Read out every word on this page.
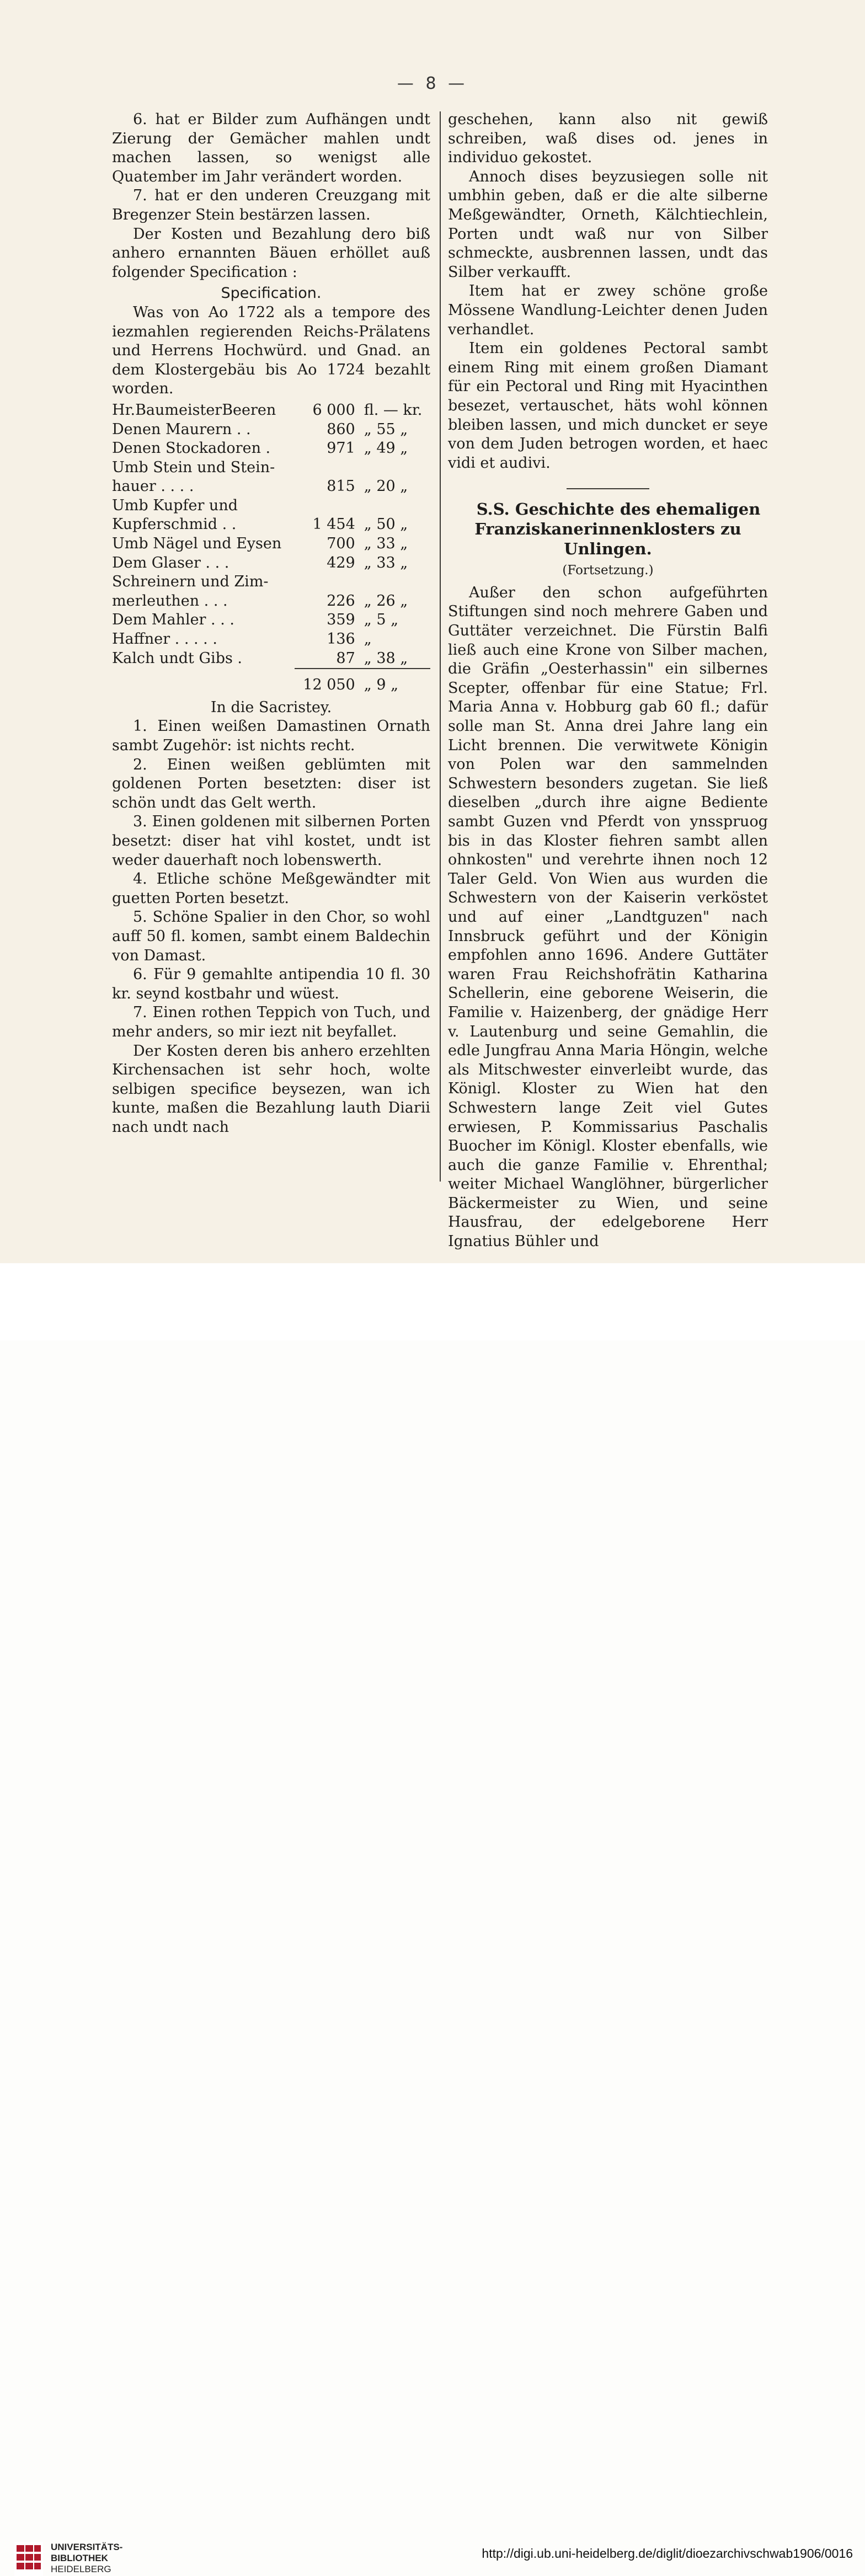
— 8 —

6. hat er Bilder zum Aufhängen undt Zierung der Gemächer mahlen undt machen lassen, so wenigst alle Quatember im Jahr verändert worden.

7. hat er den underen Creuzgang mit Bregenzer Stein bestärzen lassen.

Der Kosten und Bezahlung dero biß anhero ernannten Bäuen erhöllet auß folgender Specification :

Specification.

Was von Ao 1722 als a tempore des iezmahlen regierenden Reichs-Prälatens und Herrens Hochwürd. und Gnad. an dem Klostergebäu bis Ao 1724 bezahlt worden.

Hr.BaumeisterBeeren	6 000	fl. — kr.
Denen Maurern . .	860	„ 55 „
Denen Stockadoren .	971	„ 49 „
Umb Stein und Stein-		
hauer . . . .	815	„ 20 „
Umb Kupfer und		
Kupferschmid . .	1 454	„ 50 „
Umb Nägel und Eysen	700	„ 33 „
Dem Glaser . . .	429	„ 33 „
Schreinern und Zim-		
merleuthen . . .	226	„ 26 „
Dem Mahler . . .	359	„ 5 „
Haffner . . . . .	136	„
Kalch undt Gibs .	87	„ 38 „
	12 050	„ 9 „

In die Sacristey.

1. Einen weißen Damastinen Ornath sambt Zugehör: ist nichts recht.

2. Einen weißen geblümten mit goldenen Porten besetzten: diser ist schön undt das Gelt werth.

3. Einen goldenen mit silbernen Porten besetzt: diser hat vihl kostet, undt ist weder dauerhaft noch lobenswerth.

4. Etliche schöne Meßgewändter mit guetten Porten besetzt.

5. Schöne Spalier in den Chor, so wohl auff 50 fl. komen, sambt einem Baldechin von Damast.

6. Für 9 gemahlte antipendia 10 fl. 30 kr. seynd kostbahr und wüest.

7. Einen rothen Teppich von Tuch, und mehr anders, so mir iezt nit beyfallet.

Der Kosten deren bis anhero erzehlten Kirchensachen ist sehr hoch, wolte selbigen specifice beysezen, wan ich kunte, maßen die Bezahlung lauth Diarii nach undt nach

geschehen, kann also nit gewiß schreiben, waß dises od. jenes in individuo gekostet.

Annoch dises beyzusiegen solle nit umbhin geben, daß er die alte silberne Meßgewändter, Orneth, Kälchtiechlein, Porten undt waß nur von Silber schmeckte, ausbrennen lassen, undt das Silber verkaufft.

Item hat er zwey schöne große Mössene Wandlung-Leichter denen Juden verhandlet.

Item ein goldenes Pectoral sambt einem Ring mit einem großen Diamant für ein Pectoral und Ring mit Hyacinthen besezet, vertauschet, häts wohl können bleiben lassen, und mich duncket er seye von dem Juden betrogen worden, et haec vidi et audivi.

S.S. Geschichte des ehemaligen Franziskanerinnenklosters zu Unlingen.

(Fortsetzung.)

Außer den schon aufgeführten Stiftungen sind noch mehrere Gaben und Guttäter verzeichnet. Die Fürstin Balfi ließ auch eine Krone von Silber machen, die Gräfin „Oesterhassin" ein silbernes Scepter, offenbar für eine Statue; Frl. Maria Anna v. Hobburg gab 60 fl.; dafür solle man St. Anna drei Jahre lang ein Licht brennen. Die verwitwete Königin von Polen war den sammelnden Schwestern besonders zugetan. Sie ließ dieselben „durch ihre aigne Bediente sambt Guzen vnd Pferdt von ynsspruog bis in das Kloster fiehren sambt allen ohnkosten" und verehrte ihnen noch 12 Taler Geld. Von Wien aus wurden die Schwestern von der Kaiserin verköstet und auf einer „Landtguzen" nach Innsbruck geführt und der Königin empfohlen anno 1696. Andere Guttäter waren Frau Reichshofrätin Katharina Schellerin, eine geborene Weiserin, die Familie v. Haizenberg, der gnädige Herr v. Lautenburg und seine Gemahlin, die edle Jungfrau Anna Maria Höngin, welche als Mitschwester einverleibt wurde, das Königl. Kloster zu Wien hat den Schwestern lange Zeit viel Gutes erwiesen, P. Kommissarius Paschalis Buocher im Königl. Kloster ebenfalls, wie auch die ganze Familie v. Ehrenthal; weiter Michael Wanglöhner, bürgerlicher Bäckermeister zu Wien, und seine Hausfrau, der edelgeborene Herr Ignatius Bühler und

UNIVERSITÄTS-
BIBLIOTHEK
HEIDELBERG
http://digi.ub.uni-heidelberg.de/diglit/dioezarchivschwab1906/0016
